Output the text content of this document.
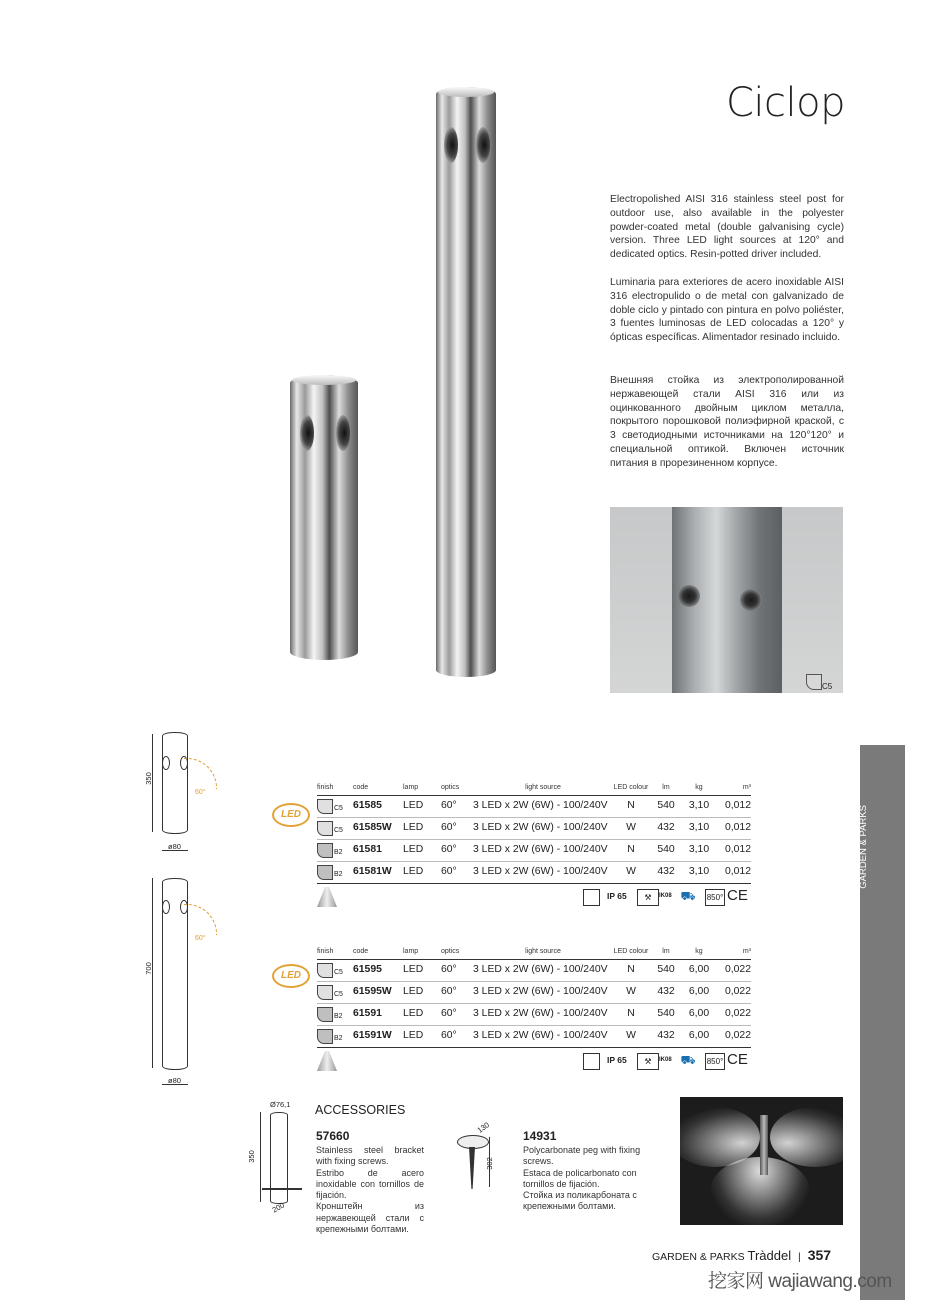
Ciclop
Electropolished AISI 316 stainless steel post for outdoor use, also available in the polyester powder-coated metal (double galvanising cycle) version. Three LED light sources at 120° and dedicated optics. Resin-potted driver included.
Luminaria para exteriores de acero inoxidable AISI 316 electropulido o de metal con galvanizado de doble ciclo y pintado con pintura en polvo poliéster, 3 fuentes luminosas de LED colocadas a 120° y ópticas específicas. Alimentador resinado incluido.
Внешняя стойка из электрополированной нержавеющей стали AISI 316 или из оцинкованного двойным циклом металла, покрытого порошковой полиэфирной краской, с 3 светодиодными источниками на 120°120° и специальной оптикой. Включен источник питания в прорезиненном корпусе.
C5
GARDEN & PARKS
350
60°
ø80
700
60°
ø80
LED
LED
finish	code	lamp	optics	light source	LED colour	lm	kg	m³
C5 61585	LED	60°	3 LED x 2W (6W) - 100/240V	N	540	3,10	0,012
C5 61585W	LED	60°	3 LED x 2W (6W) - 100/240V	W	432	3,10	0,012
B2 61581	LED	60°	3 LED x 2W (6W) - 100/240V	N	540	3,10	0,012
B2 61581W	LED	60°	3 LED x 2W (6W) - 100/240V	W	432	3,10	0,012
IP 65	⚒	IK08 ⛟	850° CE
finish	code	lamp	optics	light source	LED colour	lm	kg	m³
C5 61595	LED	60°	3 LED x 2W (6W) - 100/240V	N	540	6,00	0,022
C5 61595W	LED	60°	3 LED x 2W (6W) - 100/240V	W	432	6,00	0,022
B2 61591	LED	60°	3 LED x 2W (6W) - 100/240V	N	540	6,00	0,022
B2 61591W	LED	60°	3 LED x 2W (6W) - 100/240V	W	432	6,00	0,022
IP 65	⚒	IK08 ⛟	850° CE
ACCESSORIES
Ø76,1
350
200
57660
Stainless steel bracket with fixing screws.
Estribo de acero inoxidable con tornillos de fijación.
Кронштейн из нержавеющей стали с крепежными болтами.
130
302
14931
Polycarbonate peg with fixing screws.
Estaca de policarbonato con tornillos de fijación.
Стойка из поликарбоната с крепежными болтами.
GARDEN & PARKS Tràddel | 357
挖家网 wajiawang.com
